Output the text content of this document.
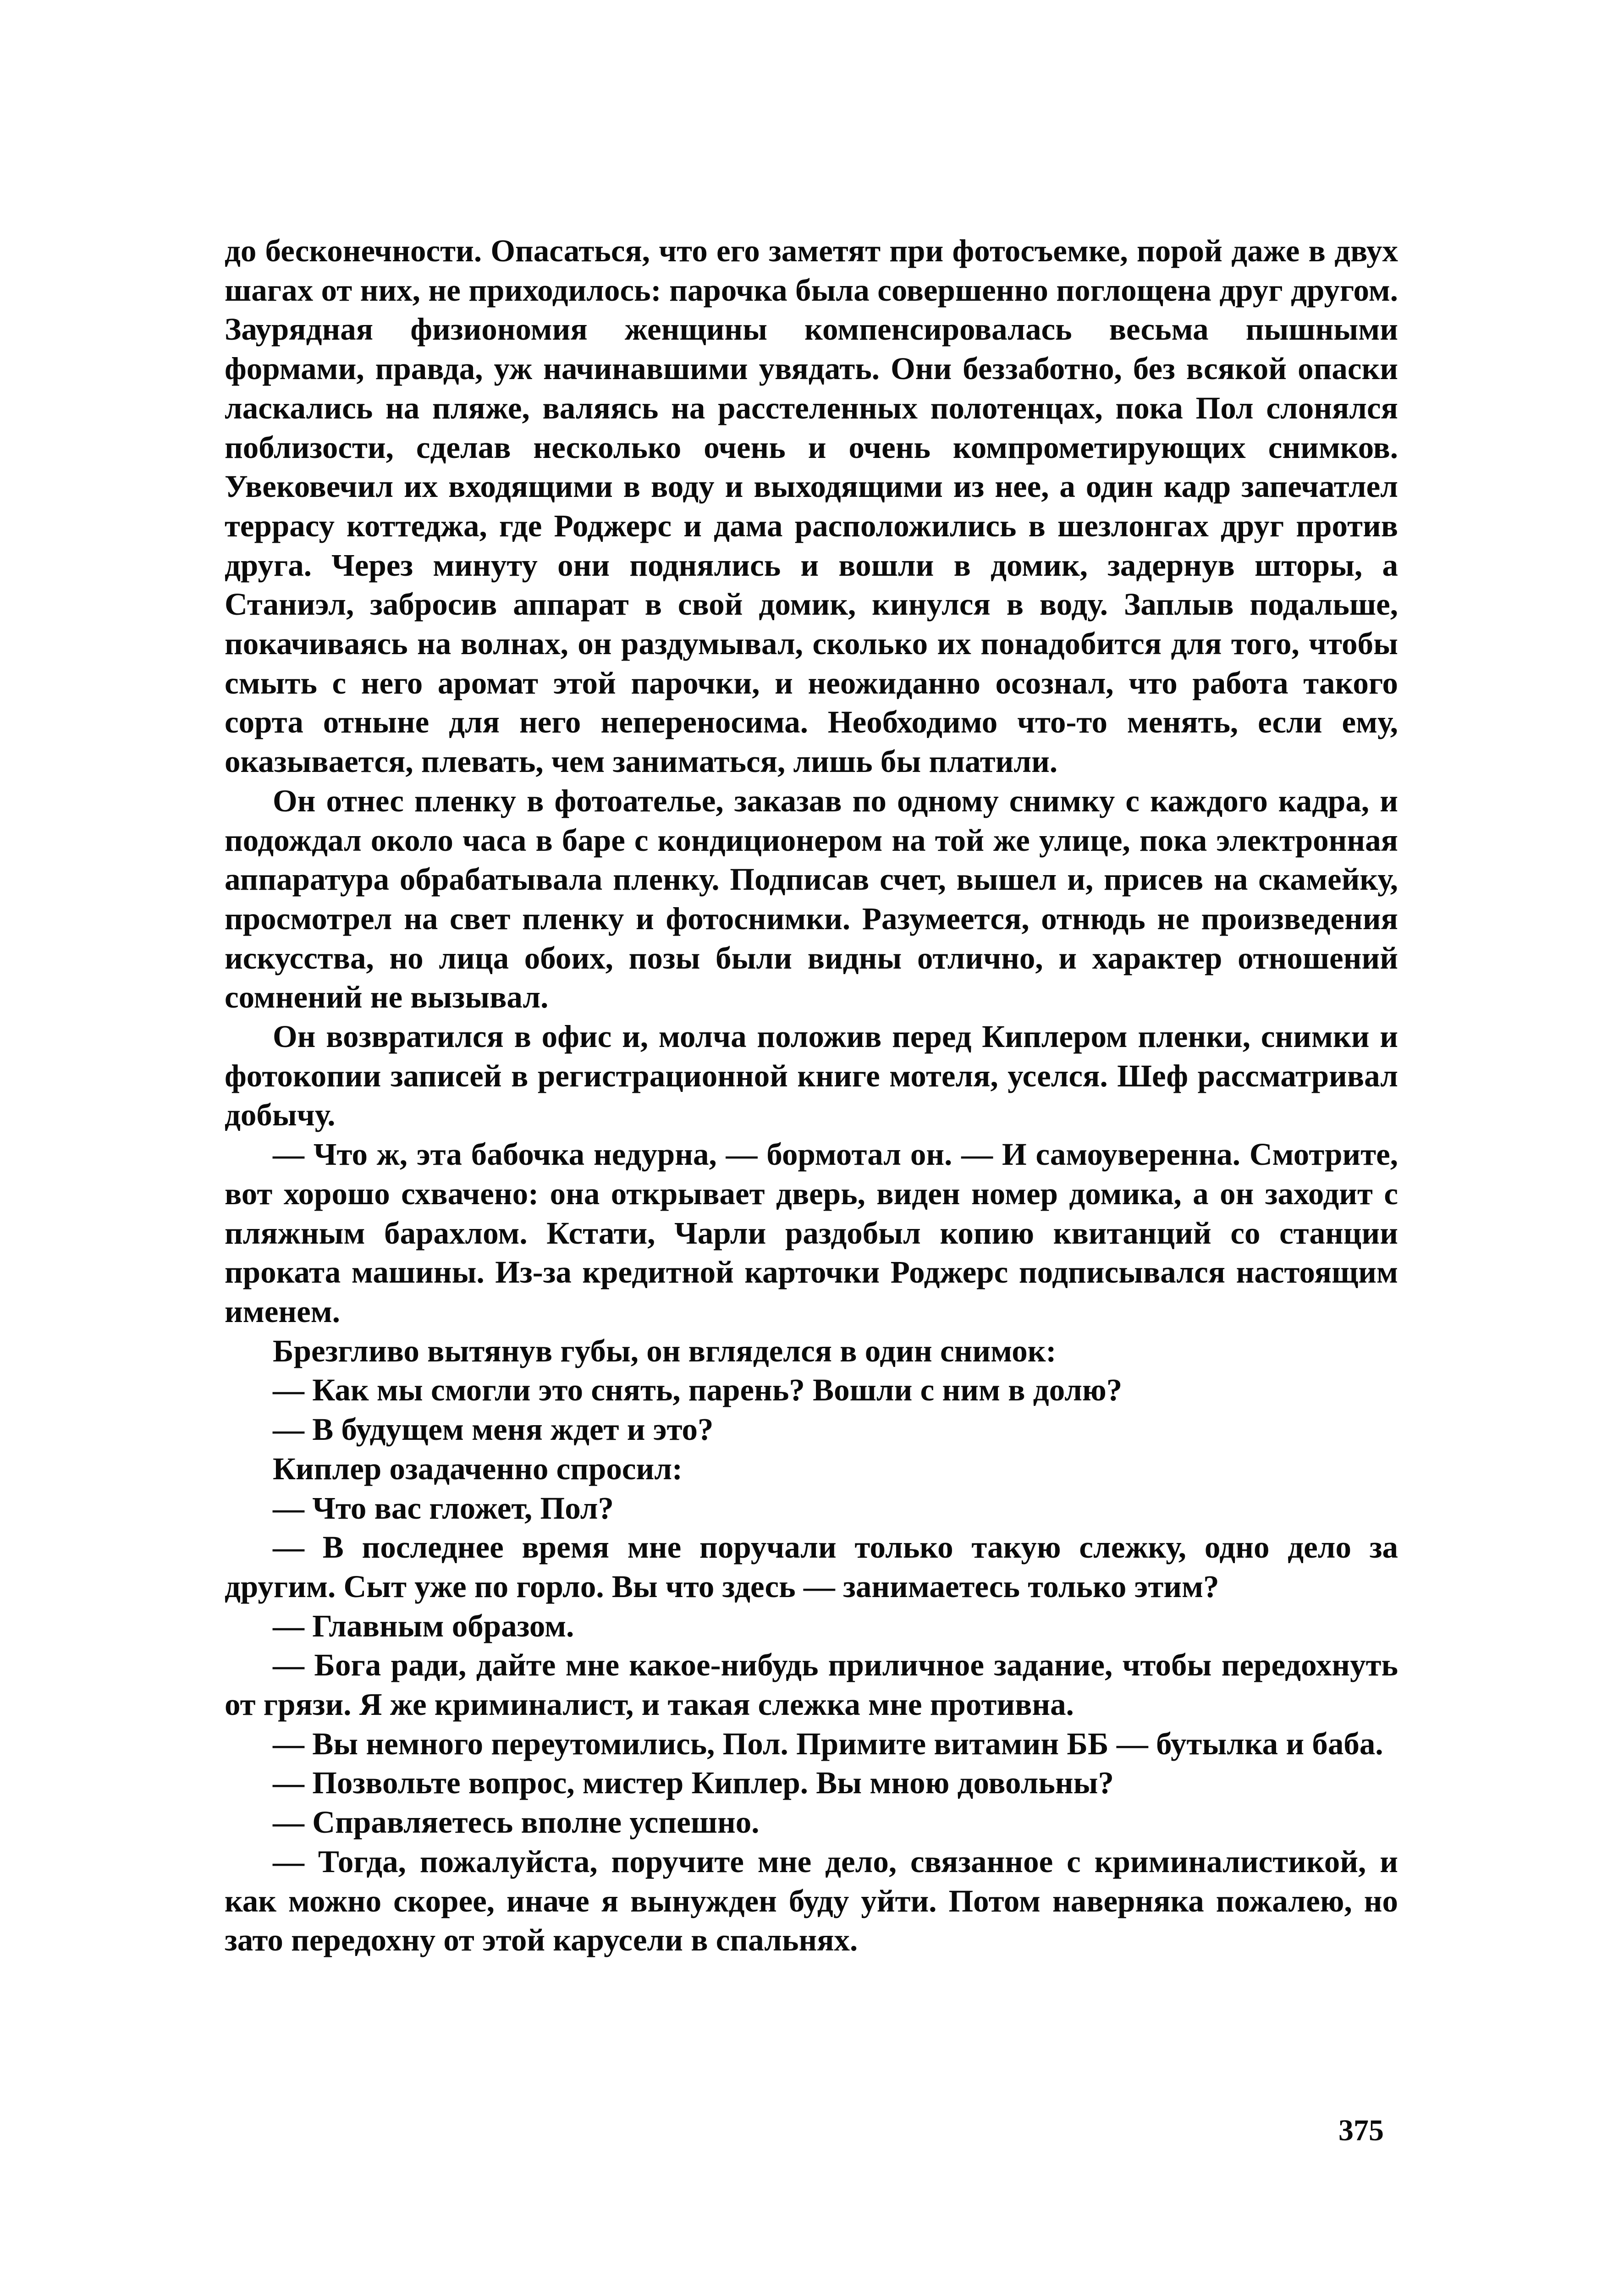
до бесконечности. Опасаться, что его заметят при фотосъемке, порой даже в двух шагах от них, не приходилось: парочка была совершенно поглощена друг другом. Заурядная физиономия женщины компенсировалась весьма пышными формами, правда, уж начинавшими увядать. Они беззаботно, без всякой опаски ласкались на пляже, валяясь на расстеленных полотенцах, пока Пол слонялся поблизости, сделав несколько очень и очень компрометирующих снимков. Увековечил их входящими в воду и выходящими из нее, а один кадр запечатлел террасу коттеджа, где Роджерс и дама расположились в шезлонгах друг против друга. Через минуту они поднялись и вошли в домик, задернув шторы, а Станиэл, забросив аппарат в свой домик, кинулся в воду. Заплыв подальше, покачиваясь на волнах, он раздумывал, сколько их понадобится для того, чтобы смыть с него аромат этой парочки, и неожиданно осознал, что работа такого сорта отныне для него непереносима. Необходимо что-то менять, если ему, оказывается, плевать, чем заниматься, лишь бы платили.

Он отнес пленку в фотоателье, заказав по одному снимку с каждого кадра, и подождал около часа в баре с кондиционером на той же улице, пока электронная аппаратура обрабатывала пленку. Подписав счет, вышел и, присев на скамейку, просмотрел на свет пленку и фотоснимки. Разумеется, отнюдь не произведения искусства, но лица обоих, позы были видны отлично, и характер отношений сомнений не вызывал.

Он возвратился в офис и, молча положив перед Киплером пленки, снимки и фотокопии записей в регистрационной книге мотеля, уселся. Шеф рассматривал добычу.

— Что ж, эта бабочка недурна, — бормотал он. — И самоуверенна. Смотрите, вот хорошо схвачено: она открывает дверь, виден номер домика, а он заходит с пляжным барахлом. Кстати, Чарли раздобыл копию квитанций со станции проката машины. Из-за кредитной карточки Роджерс подписывался настоящим именем.

Брезгливо вытянув губы, он вгляделся в один снимок:

— Как мы смогли это снять, парень? Вошли с ним в долю?

— В будущем меня ждет и это?

Киплер озадаченно спросил:

— Что вас гложет, Пол?

— В последнее время мне поручали только такую слежку, одно дело за другим. Сыт уже по горло. Вы что здесь — занимаетесь только этим?

— Главным образом.

— Бога ради, дайте мне какое-нибудь приличное задание, чтобы передохнуть от грязи. Я же криминалист, и такая слежка мне противна.

— Вы немного переутомились, Пол. Примите витамин ББ — бутылка и баба.

— Позвольте вопрос, мистер Киплер. Вы мною довольны?

— Справляетесь вполне успешно.

— Тогда, пожалуйста, поручите мне дело, связанное с криминалистикой, и как можно скорее, иначе я вынужден буду уйти. Потом наверняка пожалею, но зато передохну от этой карусели в спальнях.

375
